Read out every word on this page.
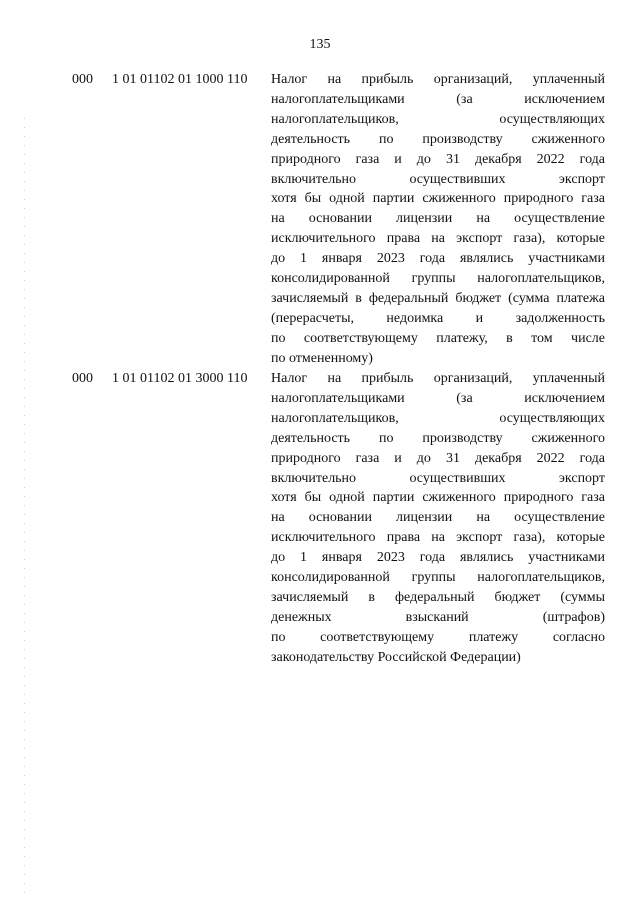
135
000 1 01 01102 01 1000 110 Налог на прибыль организаций, уплаченный
налогоплательщиками (за исключением
налогоплательщиков, осуществляющих
деятельность по производству сжиженного
природного газа и до 31 декабря 2022 года
включительно осуществивших экспорт
хотя бы одной партии сжиженного природного газа
на основании лицензии на осуществление
исключительного права на экспорт газа), которые
до 1 января 2023 года являлись участниками
консолидированной группы налогоплательщиков,
зачисляемый в федеральный бюджет (сумма платежа
(перерасчеты, недоимка и задолженность
по соответствующему платежу, в том числе
по отмененному)
000 1 01 01102 01 3000 110 Налог на прибыль организаций, уплаченный
налогоплательщиками (за исключением
налогоплательщиков, осуществляющих
деятельность по производству сжиженного
природного газа и до 31 декабря 2022 года
включительно осуществивших экспорт
хотя бы одной партии сжиженного природного газа
на основании лицензии на осуществление
исключительного права на экспорт газа), которые
до 1 января 2023 года являлись участниками
консолидированной группы налогоплательщиков,
зачисляемый в федеральный бюджет (суммы
денежных взысканий (штрафов)
по соответствующему платежу согласно
законодательству Российской Федерации)
